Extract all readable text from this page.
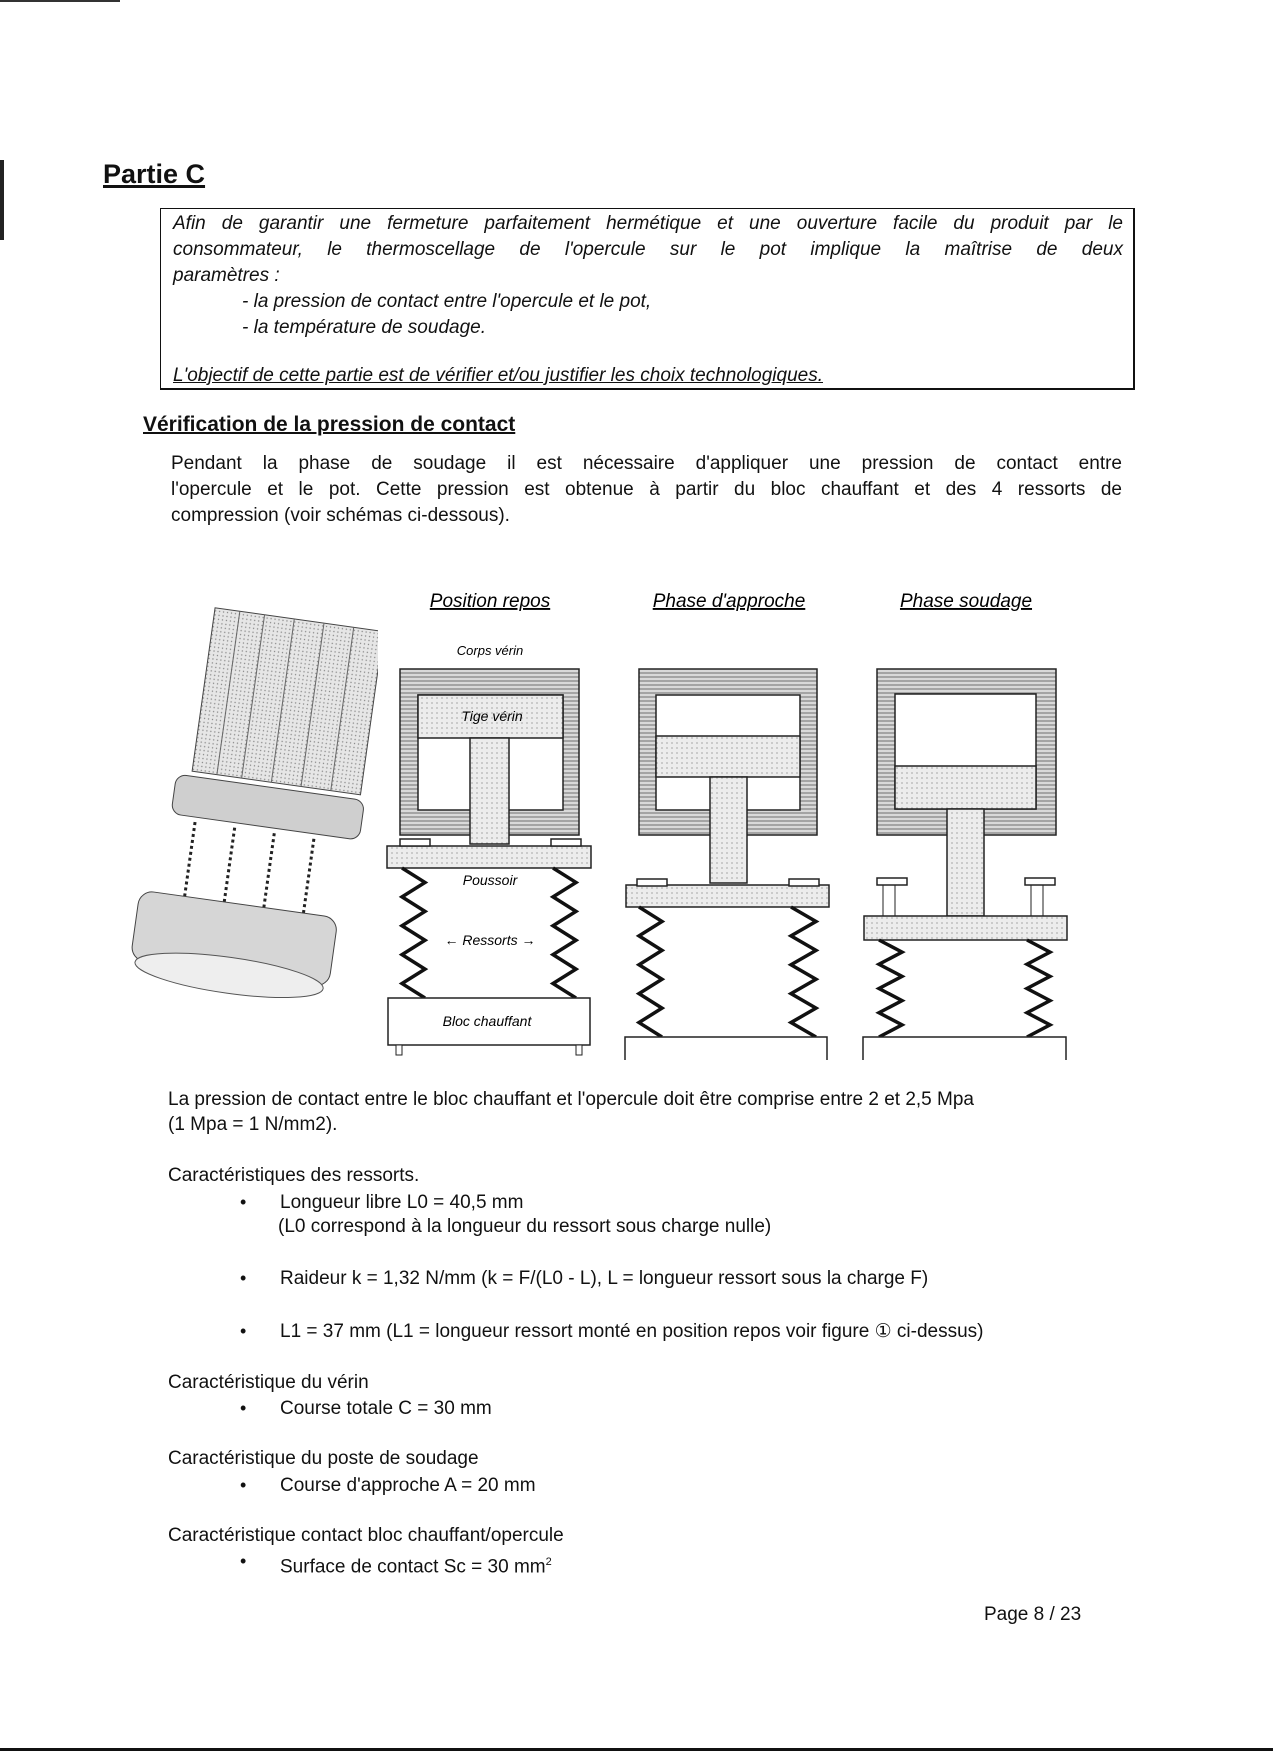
Partie C
Afin de garantir une fermeture parfaitement hermétique et une ouverture facile du produit par le
consommateur, le thermoscellage de l'opercule sur le pot implique la maîtrise de deux
paramètres :
- la pression de contact entre l'opercule et le pot,
- la température de soudage.
L'objectif de cette partie est de vérifier et/ou justifier les choix technologiques.
Vérification de la pression de contact
Pendant la phase de soudage il est nécessaire d'appliquer une pression de contact entre
l'opercule et le pot. Cette pression est obtenue à partir du bloc chauffant et des 4 ressorts de
compression (voir schémas ci-dessous).
Position repos	Phase d'approche	Phase soudage
Corps vérin
Tige vérin
Poussoir
← Ressorts →
Bloc chauffant
La pression de contact entre le bloc chauffant et l'opercule doit être comprise entre 2 et 2,5 Mpa
(1 Mpa = 1 N/mm2).
Caractéristiques des ressorts.
• Longueur libre L0 = 40,5 mm
(L0 correspond à la longueur du ressort sous charge nulle)
• Raideur k = 1,32 N/mm (k = F/(L0 - L), L = longueur ressort sous la charge F)
• L1 = 37 mm (L1 = longueur ressort monté en position repos voir figure ① ci-dessus)
Caractéristique du vérin
• Course totale C = 30 mm
Caractéristique du poste de soudage
• Course d'approche A = 20 mm
Caractéristique contact bloc chauffant/opercule
• Surface de contact Sc = 30 $mm^2$
Page 8 / 23
